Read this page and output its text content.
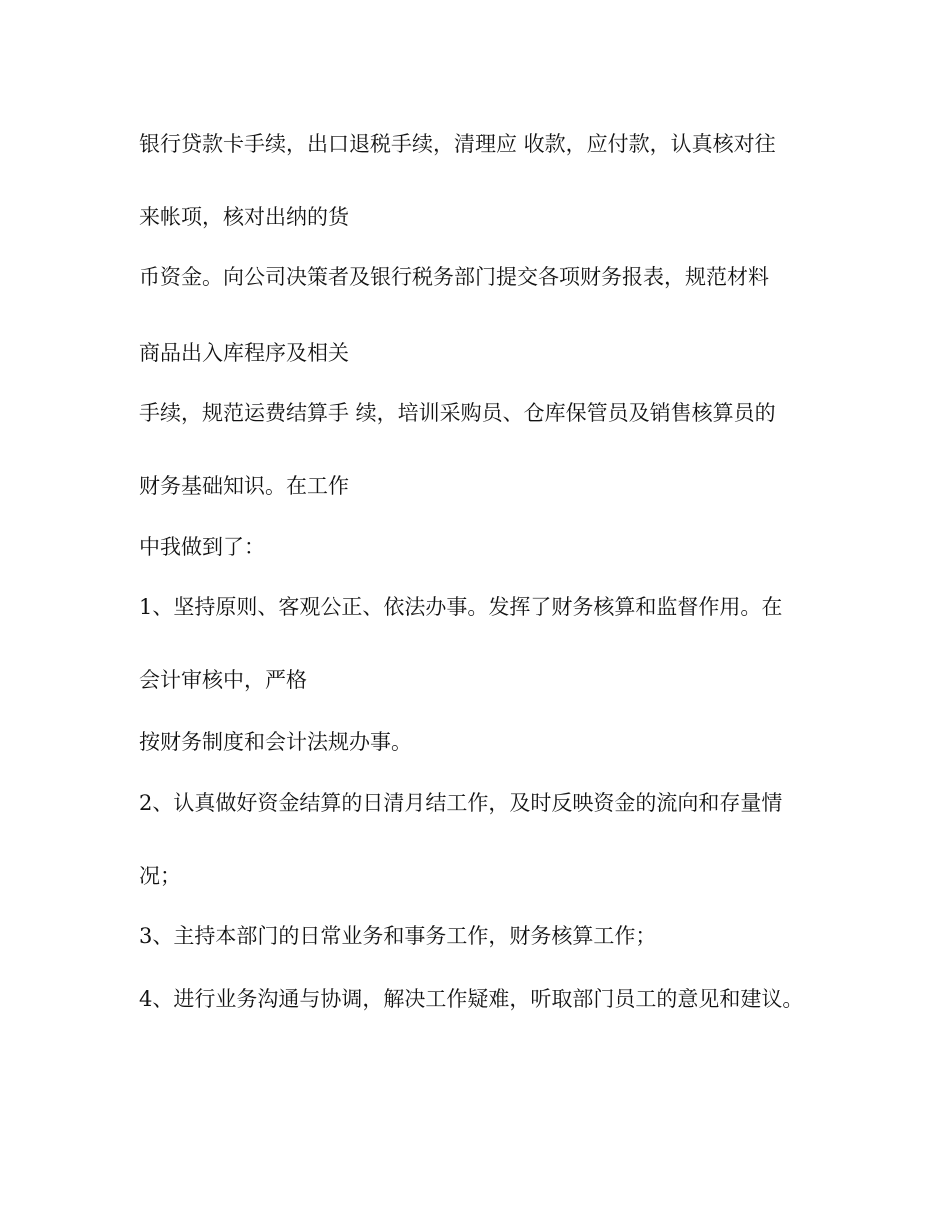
银行贷款卡手续，出口退税手续，清理应 收款，应付款，认真核对往

来帐项，核对出纳的货

币资金。向公司决策者及银行税务部门提交各项财务报表，规范材料

商品出入库程序及相关

手续，规范运费结算手 续，培训采购员、仓库保管员及销售核算员的

财务基础知识。在工作

中我做到了：

1、坚持原则、客观公正、依法办事。发挥了财务核算和监督作用。在

会计审核中，严格

按财务制度和会计法规办事。

2、认真做好资金结算的日清月结工作，及时反映资金的流向和存量情

况；

3、主持本部门的日常业务和事务工作，财务核算工作；

4、进行业务沟通与协调，解决工作疑难，听取部门员工的意见和建议。
